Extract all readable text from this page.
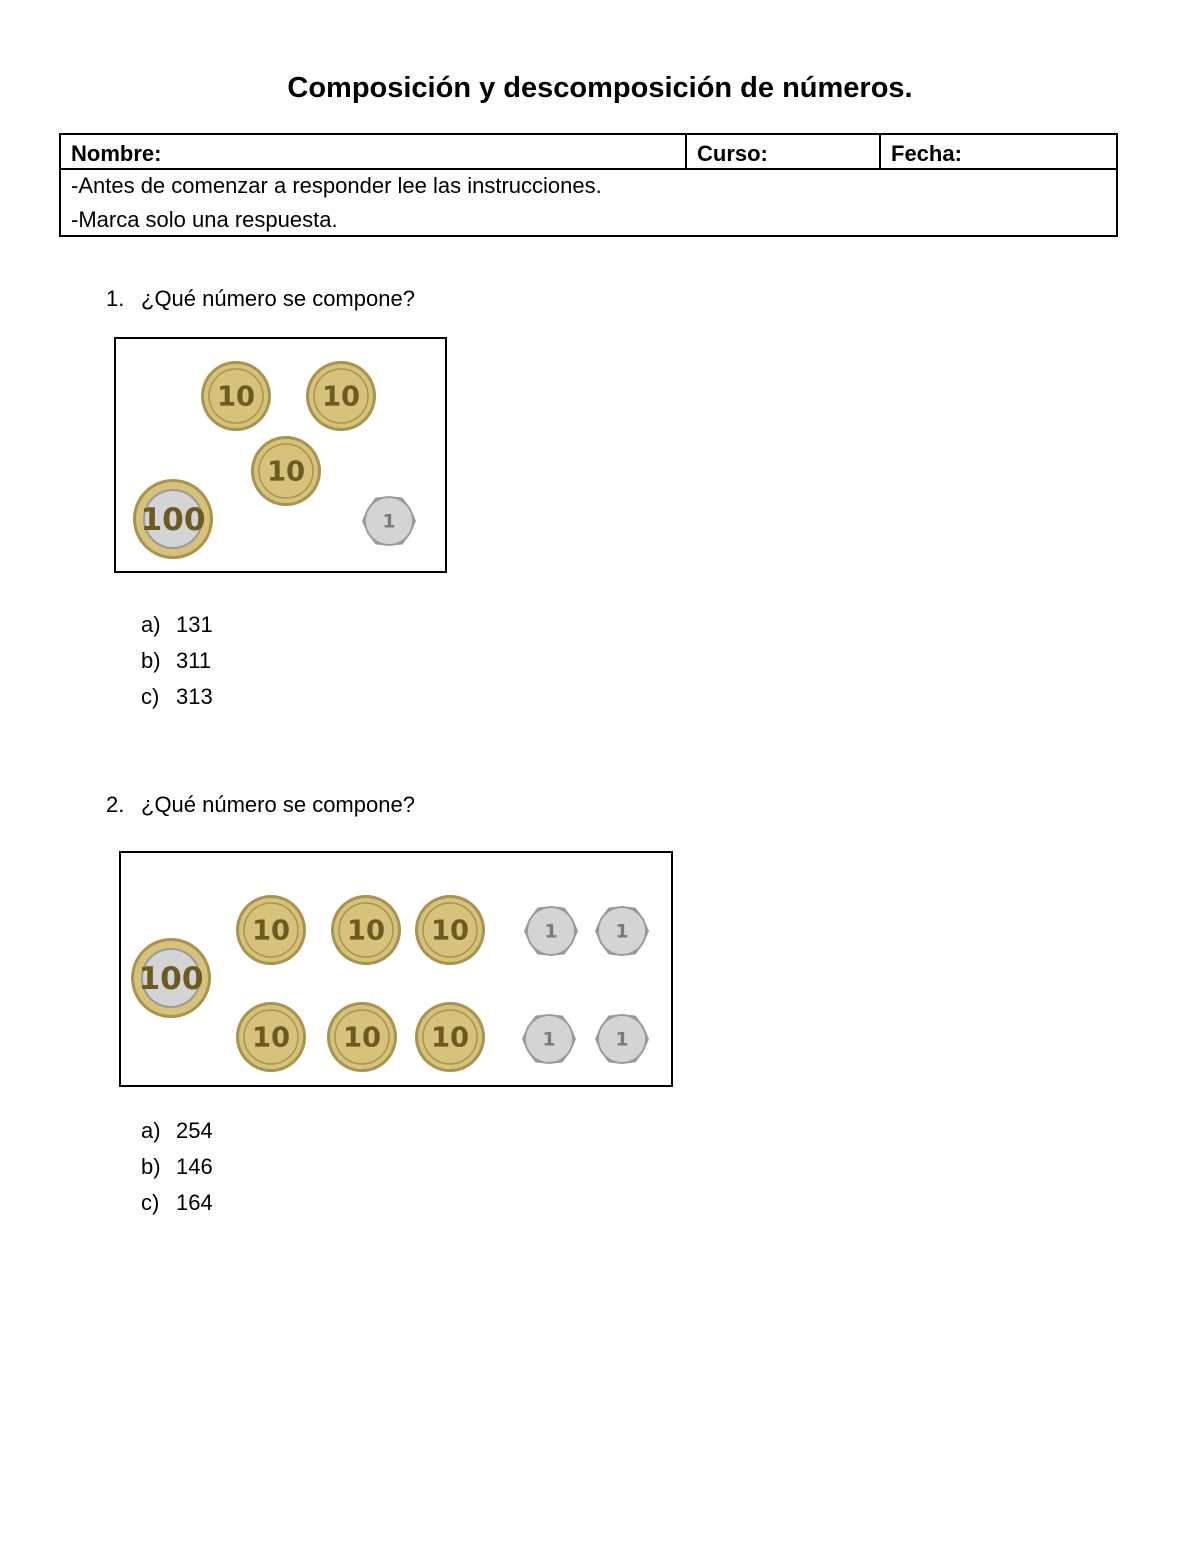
Composición y descomposición de números.
Nombre:	Curso:	Fecha:
-Antes de comenzar a responder lee las instrucciones.
-Marca solo una respuesta.
1. ¿Qué número se compone?
10 10
10
100	1
a) 131
b) 311
c) 313
2. ¿Qué número se compone?
100
10 10 10
10 10 10
1	1
1	1
a) 254
b) 146
c) 164
